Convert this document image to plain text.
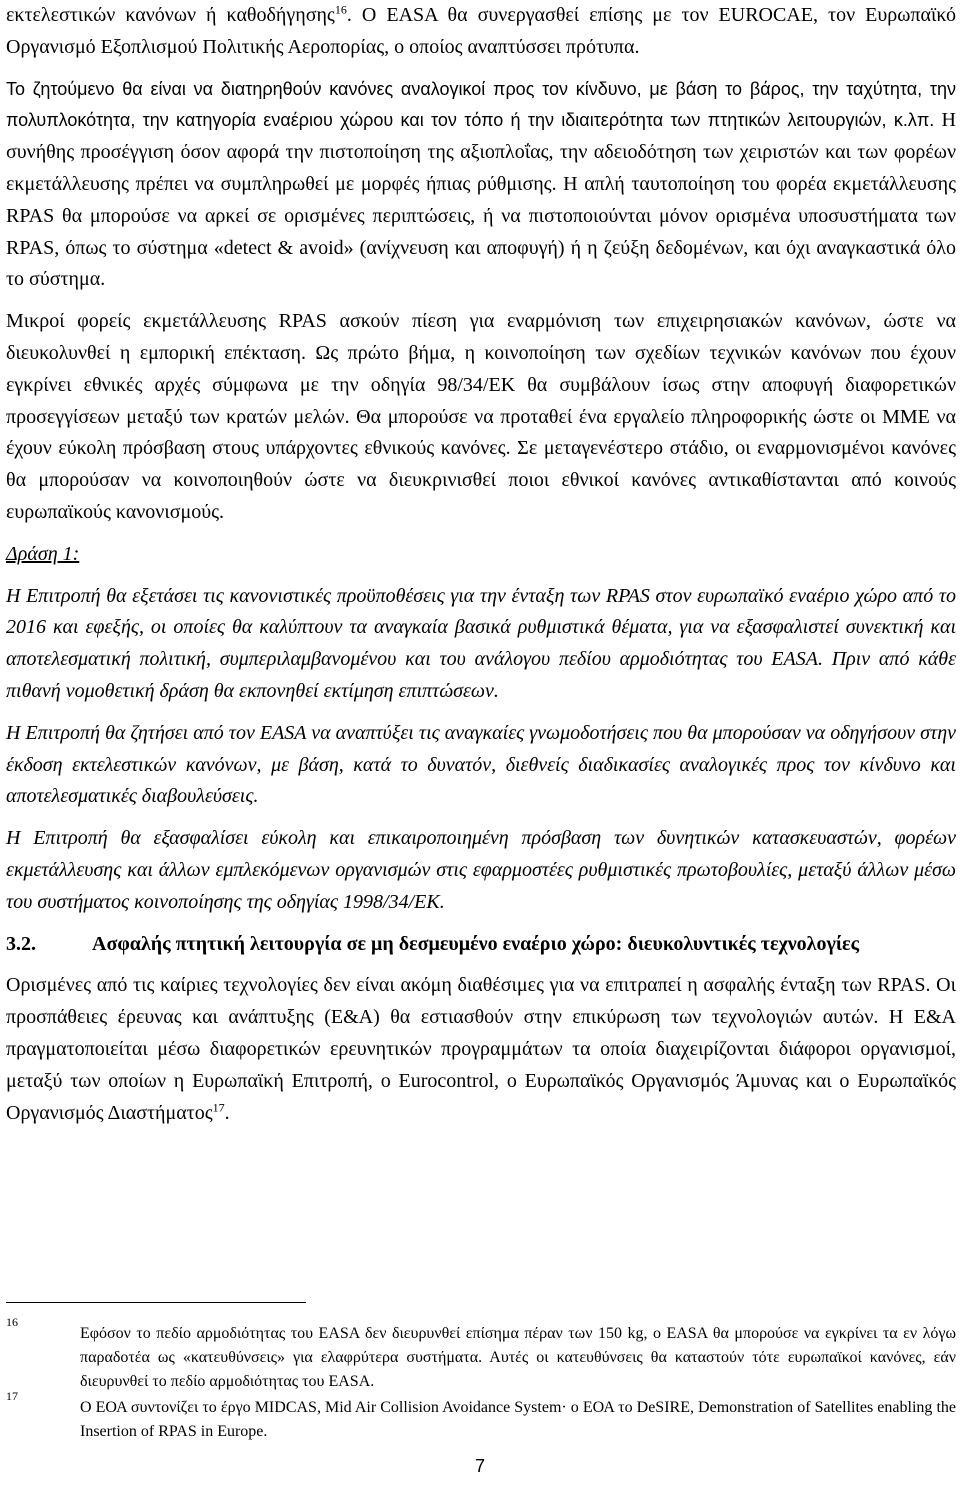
εκτελεστικών κανόνων ή καθοδήγησης$^{16}$. Ο EASA θα συνεργασθεί επίσης με τον EUROCAE, τον Ευρωπαϊκό Οργανισμό Εξοπλισμού Πολιτικής Αεροπορίας, ο οποίος αναπτύσσει πρότυπα.

Το ζητούμενο θα είναι να διατηρηθούν κανόνες αναλογικοί προς τον κίνδυνο, με βάση το βάρος, την ταχύτητα, την πολυπλοκότητα, την κατηγορία εναέριου χώρου και τον τόπο ή την ιδιαιτερότητα των πτητικών λειτουργιών, κ.λπ. Η συνήθης προσέγγιση όσον αφορά την πιστοποίηση της αξιοπλοΐας, την αδειοδότηση των χειριστών και των φορέων εκμετάλλευσης πρέπει να συμπληρωθεί με μορφές ήπιας ρύθμισης. Η απλή ταυτοποίηση του φορέα εκμετάλλευσης RPAS θα μπορούσε να αρκεί σε ορισμένες περιπτώσεις, ή να πιστοποιούνται μόνον ορισμένα υποσυστήματα των RPAS, όπως το σύστημα «detect & avoid» (ανίχνευση και αποφυγή) ή η ζεύξη δεδομένων, και όχι αναγκαστικά όλο το σύστημα.

Μικροί φορείς εκμετάλλευσης RPAS ασκούν πίεση για εναρμόνιση των επιχειρησιακών κανόνων, ώστε να διευκολυνθεί η εμπορική επέκταση. Ως πρώτο βήμα, η κοινοποίηση των σχεδίων τεχνικών κανόνων που έχουν εγκρίνει εθνικές αρχές σύμφωνα με την οδηγία 98/34/ΕΚ θα συμβάλουν ίσως στην αποφυγή διαφορετικών προσεγγίσεων μεταξύ των κρατών μελών. Θα μπορούσε να προταθεί ένα εργαλείο πληροφορικής ώστε οι ΜΜΕ να έχουν εύκολη πρόσβαση στους υπάρχοντες εθνικούς κανόνες. Σε μεταγενέστερο στάδιο, οι εναρμονισμένοι κανόνες θα μπορούσαν να κοινοποιηθούν ώστε να διευκρινισθεί ποιοι εθνικοί κανόνες αντικαθίστανται από κοινούς ευρωπαϊκούς κανονισμούς.

Δράση 1:

Η Επιτροπή θα εξετάσει τις κανονιστικές προϋποθέσεις για την ένταξη των RPAS στον ευρωπαϊκό εναέριο χώρο από το 2016 και εφεξής, οι οποίες θα καλύπτουν τα αναγκαία βασικά ρυθμιστικά θέματα, για να εξασφαλιστεί συνεκτική και αποτελεσματική πολιτική, συμπεριλαμβανομένου και του ανάλογου πεδίου αρμοδιότητας του EASA. Πριν από κάθε πιθανή νομοθετική δράση θα εκπονηθεί εκτίμηση επιπτώσεων.

Η Επιτροπή θα ζητήσει από τον EASA να αναπτύξει τις αναγκαίες γνωμοδοτήσεις που θα μπορούσαν να οδηγήσουν στην έκδοση εκτελεστικών κανόνων, με βάση, κατά το δυνατόν, διεθνείς διαδικασίες αναλογικές προς τον κίνδυνο και αποτελεσματικές διαβουλεύσεις.

Η Επιτροπή θα εξασφαλίσει εύκολη και επικαιροποιημένη πρόσβαση των δυνητικών κατασκευαστών, φορέων εκμετάλλευσης και άλλων εμπλεκόμενων οργανισμών στις εφαρμοστέες ρυθμιστικές πρωτοβουλίες, μεταξύ άλλων μέσω του συστήματος κοινοποίησης της οδηγίας 1998/34/ΕΚ.

3.2.	Ασφαλής πτητική λειτουργία σε μη δεσμευμένο εναέριο χώρο: διευκολυντικές τεχνολογίες

Ορισμένες από τις καίριες τεχνολογίες δεν είναι ακόμη διαθέσιμες για να επιτραπεί η ασφαλής ένταξη των RPAS. Οι προσπάθειες έρευνας και ανάπτυξης (Ε&Α) θα εστιασθούν στην επικύρωση των τεχνολογιών αυτών. Η Ε&Α πραγματοποιείται μέσω διαφορετικών ερευνητικών προγραμμάτων τα οποία διαχειρίζονται διάφοροι οργανισμοί, μεταξύ των οποίων η Ευρωπαϊκή Επιτροπή, ο Eurocontrol, ο Ευρωπαϊκός Οργανισμός Άμυνας και ο Ευρωπαϊκός Οργανισμός Διαστήματος$^{17}$.

16
Εφόσον το πεδίο αρμοδιότητας του EASA δεν διευρυνθεί επίσημα πέραν των 150 kg, ο EASA θα μπορούσε να εγκρίνει τα εν λόγω παραδοτέα ως «κατευθύνσεις» για ελαφρύτερα συστήματα. Αυτές οι κατευθύνσεις θα καταστούν τότε ευρωπαϊκοί κανόνες, εάν διευρυνθεί το πεδίο αρμοδιότητας του EASA.
17
Ο ΕΟΑ συντονίζει το έργο MIDCAS, Mid Air Collision Avoidance System· ο ΕΟΑ το DeSIRE, Demonstration of Satellites enabling the Insertion of RPAS in Europe.
7
